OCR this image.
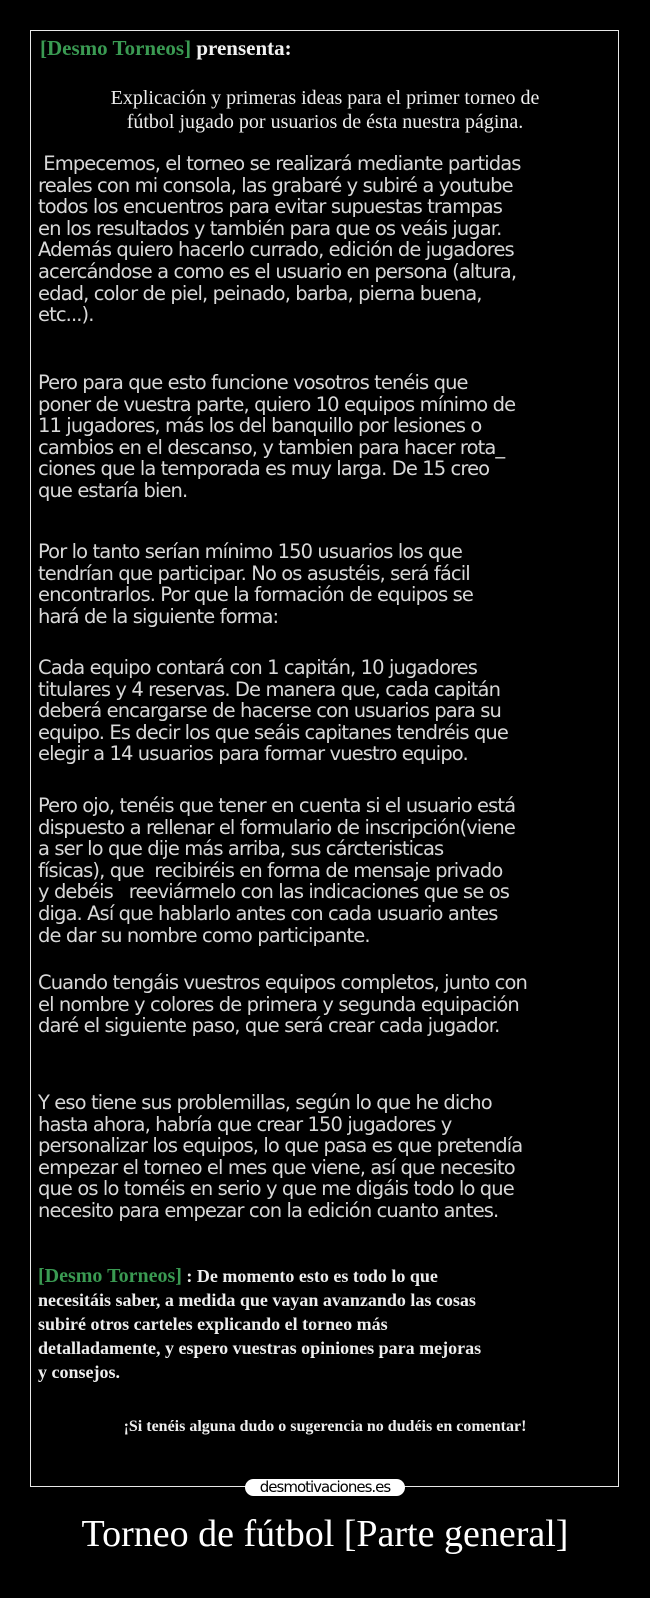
[Desmo Torneos] prensenta:
Explicación y primeras ideas para el primer torneo de
fútbol jugado por usuarios de ésta nuestra página.
Empecemos, el torneo se realizará mediante partidas
reales con mi consola, las grabaré y subiré a youtube
todos los encuentros para evitar supuestas trampas
en los resultados y también para que os veáis jugar.
Además quiero hacerlo currado, edición de jugadores
acercándose a como es el usuario en persona (altura,
edad, color de piel, peinado, barba, pierna buena,
etc...).
Pero para que esto funcione vosotros tenéis que
poner de vuestra parte, quiero 10 equipos mínimo de
11 jugadores, más los del banquillo por lesiones o
cambios en el descanso, y tambien para hacer rota_
ciones que la temporada es muy larga. De 15 creo
que estaría bien.
Por lo tanto serían mínimo 150 usuarios los que
tendrían que participar. No os asustéis, será fácil
encontrarlos. Por que la formación de equipos se
hará de la siguiente forma:
Cada equipo contará con 1 capitán, 10 jugadores
titulares y 4 reservas. De manera que, cada capitán
deberá encargarse de hacerse con usuarios para su
equipo. Es decir los que seáis capitanes tendréis que
elegir a 14 usuarios para formar vuestro equipo.
Pero ojo, tenéis que tener en cuenta si el usuario está
dispuesto a rellenar el formulario de inscripción(viene
a ser lo que dije más arriba, sus cárcteristicas
físicas), que  recibiréis en forma de mensaje privado
y debéis   reeviármelo con las indicaciones que se os
diga. Así que hablarlo antes con cada usuario antes
de dar su nombre como participante.
Cuando tengáis vuestros equipos completos, junto con
el nombre y colores de primera y segunda equipación
daré el siguiente paso, que será crear cada jugador.
Y eso tiene sus problemillas, según lo que he dicho
hasta ahora, habría que crear 150 jugadores y
personalizar los equipos, lo que pasa es que pretendía
empezar el torneo el mes que viene, así que necesito
que os lo toméis en serio y que me digáis todo lo que
necesito para empezar con la edición cuanto antes.
[Desmo Torneos] : De momento esto es todo lo que
necesitáis saber, a medida que vayan avanzando las cosas
subiré otros carteles explicando el torneo más
detalladamente, y espero vuestras opiniones para mejoras
y consejos.
¡Si tenéis alguna dudo o sugerencia no dudéis en comentar!
desmotivaciones.es
Torneo de fútbol [Parte general]
